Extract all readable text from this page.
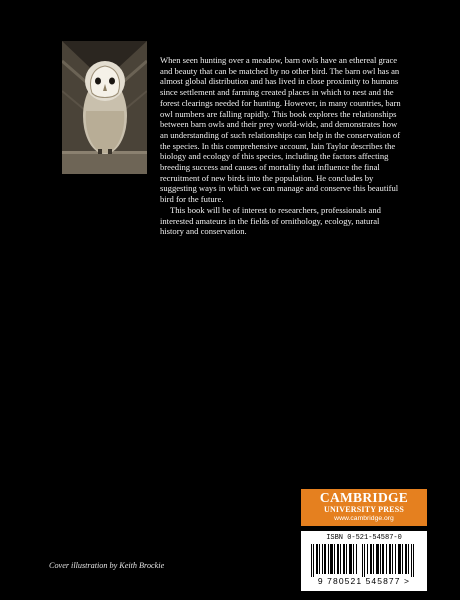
When seen hunting over a meadow, barn owls have an ethereal grace and beauty that can be matched by no other bird. The barn owl has an almost global distribution and has lived in close proximity to humans since settlement and farming created places in which to nest and the forest clearings needed for hunting. However, in many countries, barn owl numbers are falling rapidly. This book explores the relationships between barn owls and their prey world-wide, and demonstrates how an understanding of such relationships can help in the conservation of the species. In this comprehensive account, Iain Taylor describes the biology and ecology of this species, including the factors affecting breeding success and causes of mortality that influence the final recruitment of new birds into the population. He concludes by suggesting ways in which we can manage and conserve this beautiful bird for the future.

This book will be of interest to researchers, professionals and interested amateurs in the fields of ornithology, ecology, natural history and conservation.

Cover illustration by Keith Brockie
CAMBRIDGE
UNIVERSITY PRESS
www.cambridge.org
ISBN 0-521-54587-0
9 780521 545877 >
